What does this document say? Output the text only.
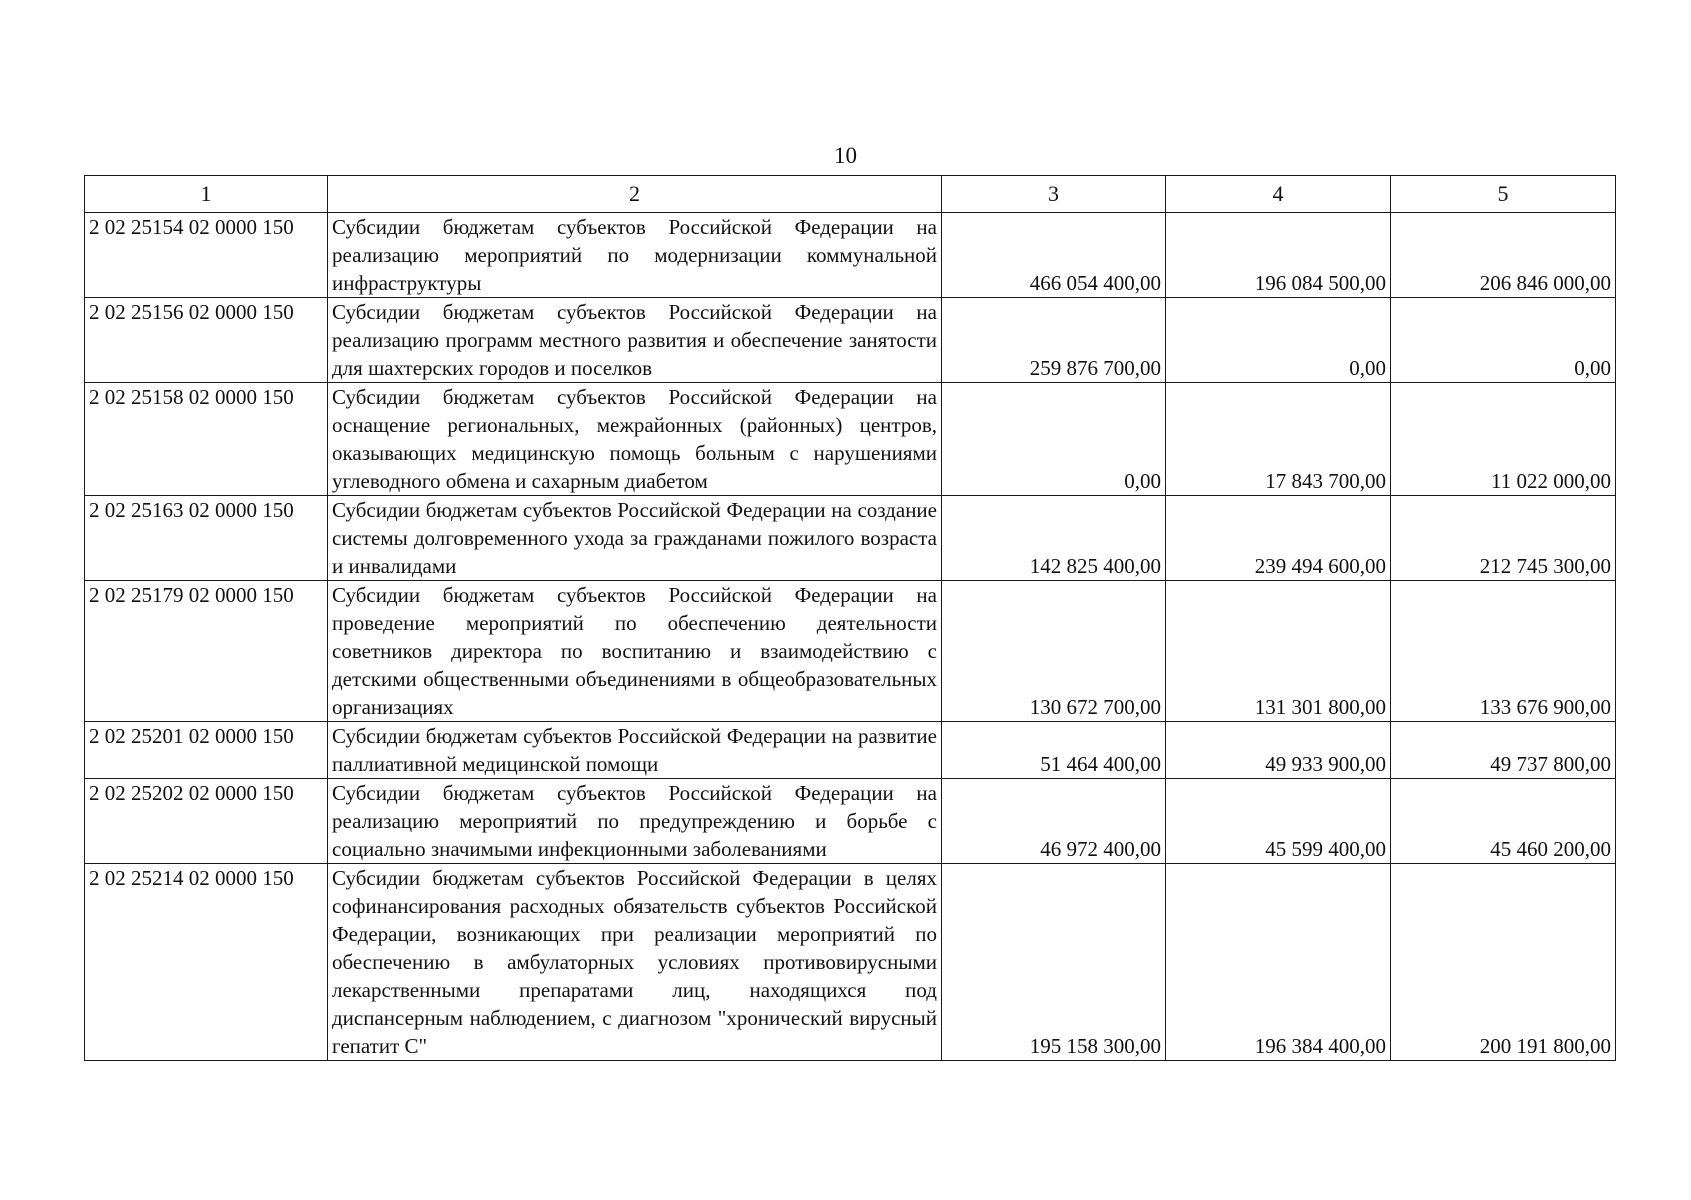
10
1	2	3	4	5
2 02 25154 02 0000 150	Субсидии бюджетам субъектов Российской Федерации на реализацию мероприятий по модернизации коммунальной инфраструктуры	466 054 400,00	196 084 500,00	206 846 000,00
2 02 25156 02 0000 150	Субсидии бюджетам субъектов Российской Федерации на реализацию программ местного развития и обеспечение занятости для шахтерских городов и поселков	259 876 700,00	0,00	0,00
2 02 25158 02 0000 150	Субсидии бюджетам субъектов Российской Федерации на оснащение региональных, межрайонных (районных) центров, оказывающих медицинскую помощь больным с нарушениями углеводного обмена и сахарным диабетом	0,00	17 843 700,00	11 022 000,00
2 02 25163 02 0000 150	Субсидии бюджетам субъектов Российской Федерации на создание системы долговременного ухода за гражданами пожилого возраста и инвалидами	142 825 400,00	239 494 600,00	212 745 300,00
2 02 25179 02 0000 150	Субсидии бюджетам субъектов Российской Федерации на проведение мероприятий по обеспечению деятельности советников директора по воспитанию и взаимодействию с детскими общественными объединениями в общеобразовательных организациях	130 672 700,00	131 301 800,00	133 676 900,00
2 02 25201 02 0000 150	Субсидии бюджетам субъектов Российской Федерации на развитие паллиативной медицинской помощи	51 464 400,00	49 933 900,00	49 737 800,00
2 02 25202 02 0000 150	Субсидии бюджетам субъектов Российской Федерации на реализацию мероприятий по предупреждению и борьбе с социально значимыми инфекционными заболеваниями	46 972 400,00	45 599 400,00	45 460 200,00
2 02 25214 02 0000 150	Субсидии бюджетам субъектов Российской Федерации в целях софинансирования расходных обязательств субъектов Российской Федерации, возникающих при реализации мероприятий по обеспечению в амбулаторных условиях противовирусными лекарственными препаратами лиц, находящихся под диспансерным наблюдением, с диагнозом "хронический вирусный гепатит С"	195 158 300,00	196 384 400,00	200 191 800,00
